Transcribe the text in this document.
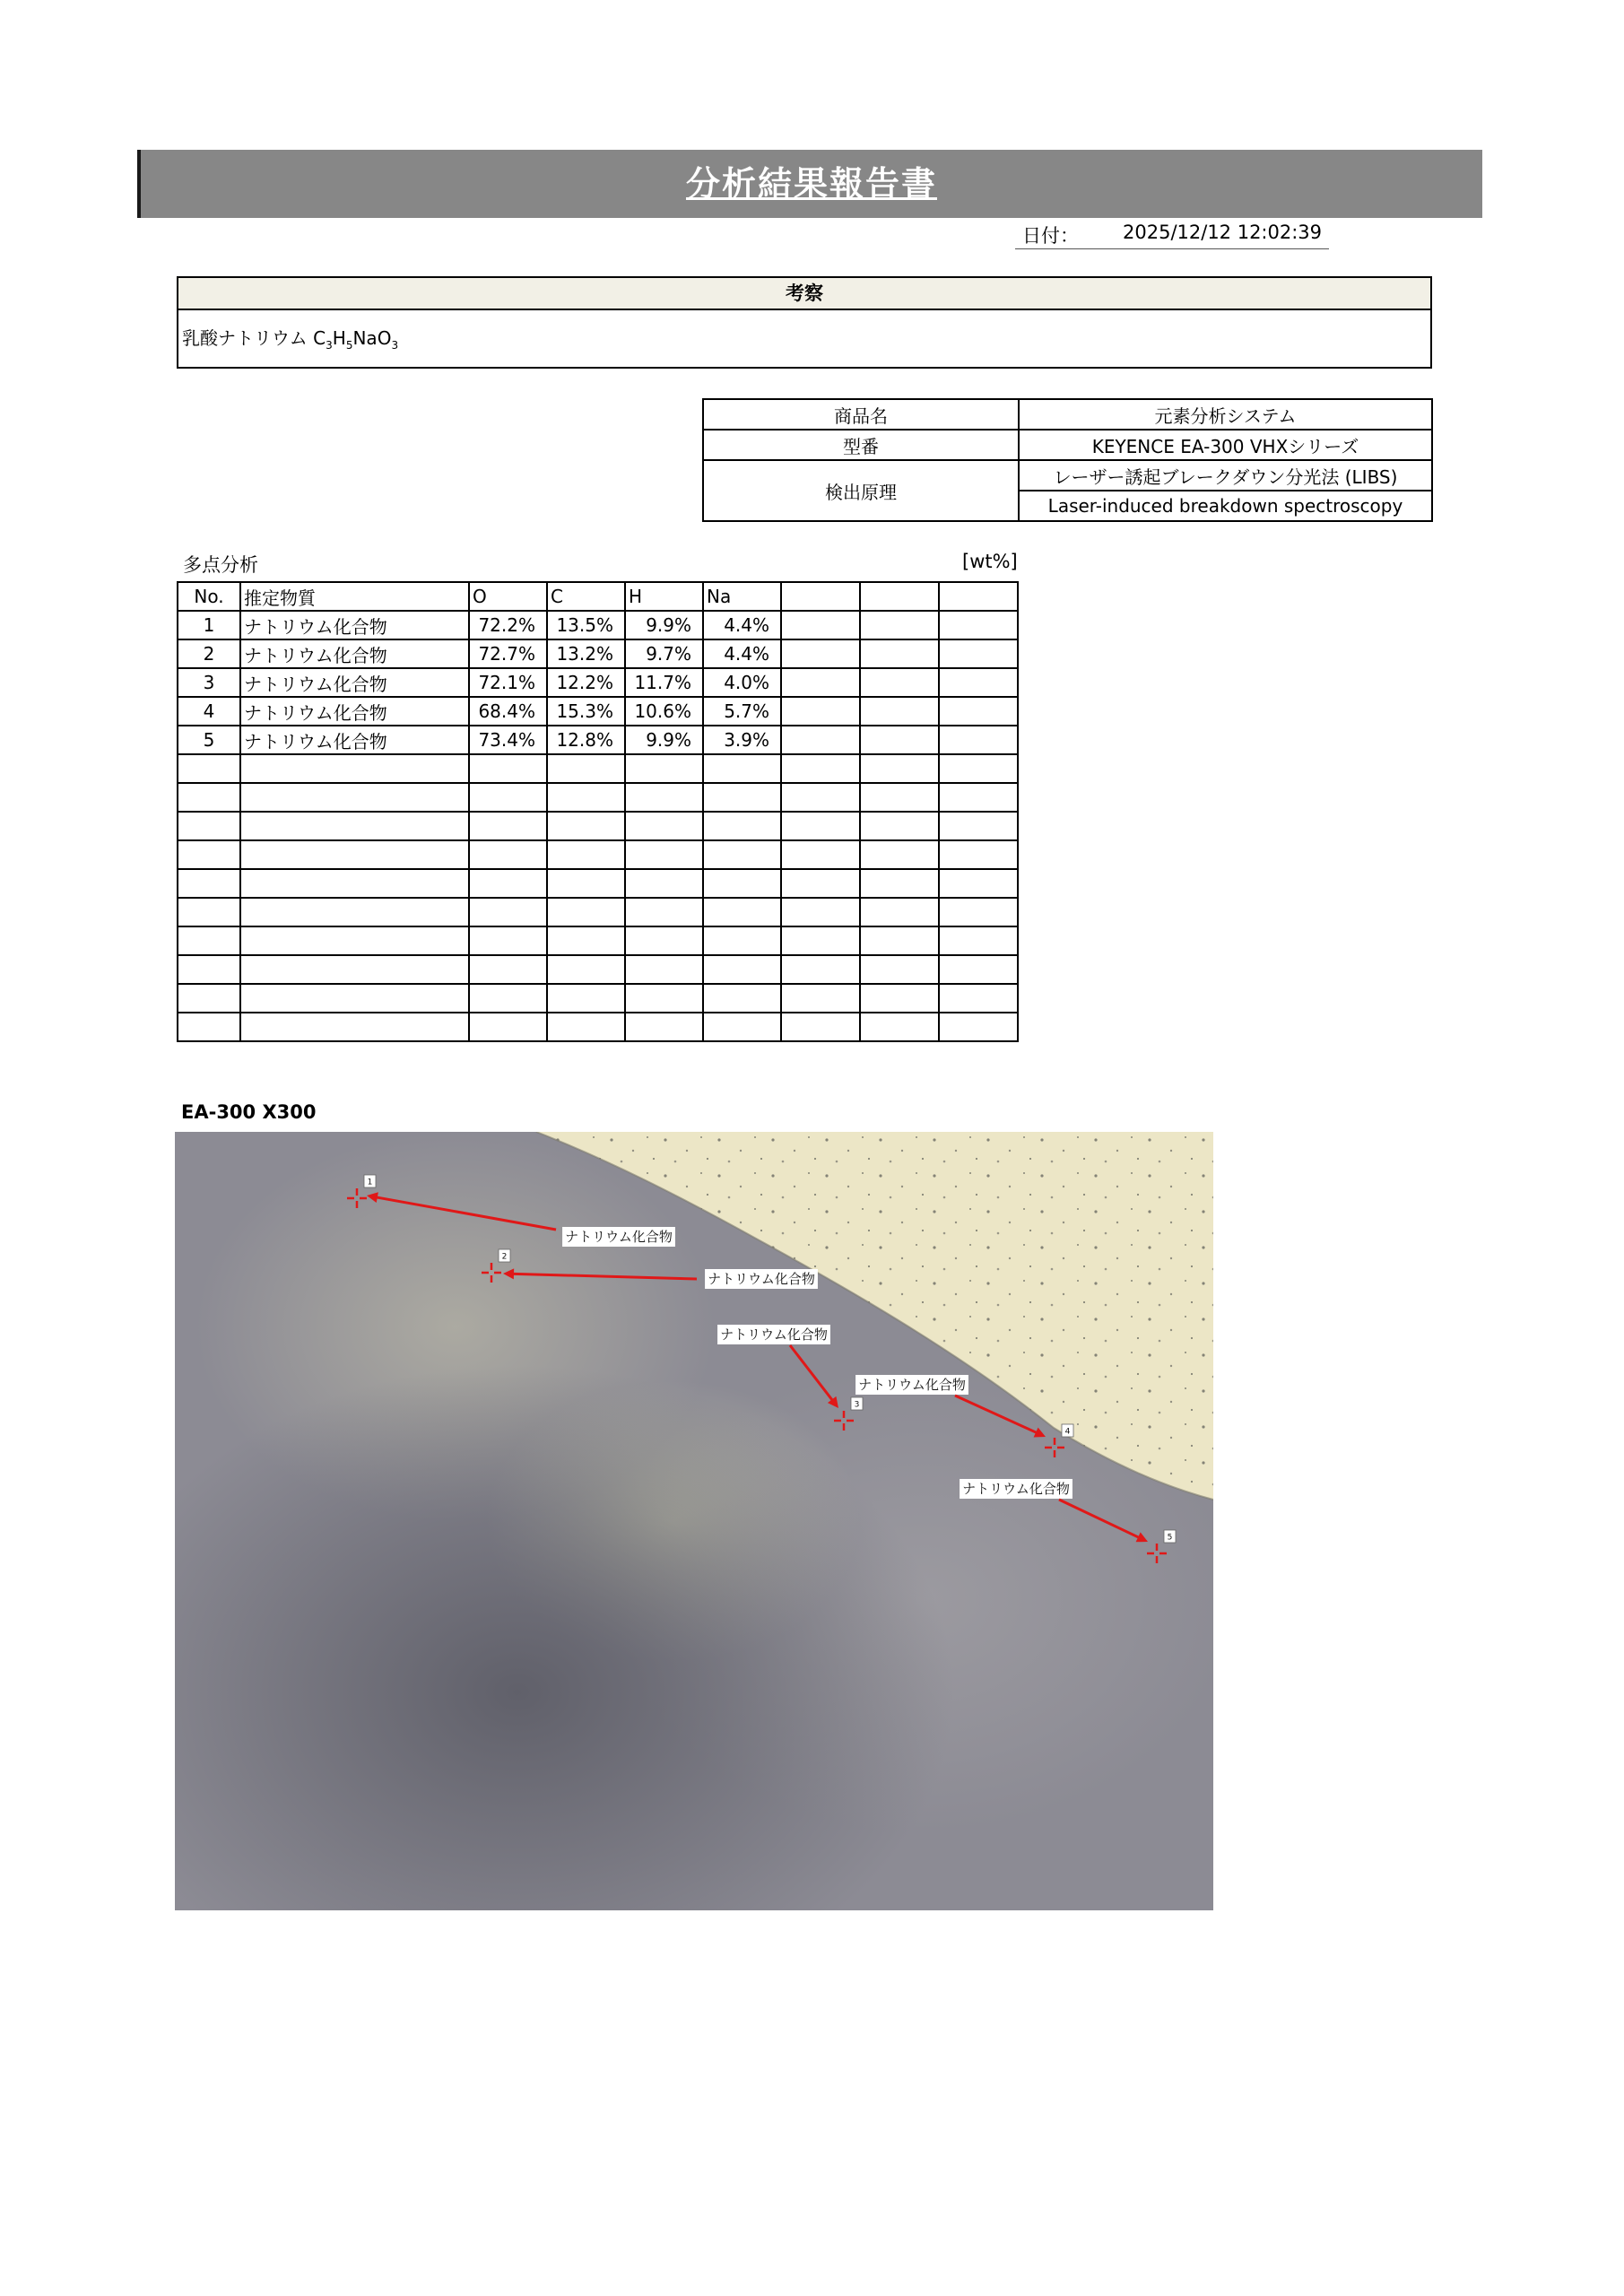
分析結果報告書
日付： 2025/12/12 12:02:39
考察
乳酸ナトリウム $C_3H_5NaO_3$
商品名	元素分析システム
型番	KEYENCE EA-300 VHXシリーズ
検出原理	レーザー誘起ブレークダウン分光法 (LIBS)
	Laser-induced breakdown spectroscopy
多点分析	[wt%]
No.	推定物質	O	C	H	Na			
1	ナトリウム化合物	72.2%	13.5%	9.9%	4.4%			
2	ナトリウム化合物	72.7%	13.2%	9.7%	4.4%			
3	ナトリウム化合物	72.1%	12.2%	11.7%	4.0%			
4	ナトリウム化合物	68.4%	15.3%	10.6%	5.7%			
5	ナトリウム化合物	73.4%	12.8%	9.9%	3.9%			

EA-300 X300
1
ナトリウム化合物
2
ナトリウム化合物
3
ナトリウム化合物
4
ナトリウム化合物
5
ナトリウム化合物
